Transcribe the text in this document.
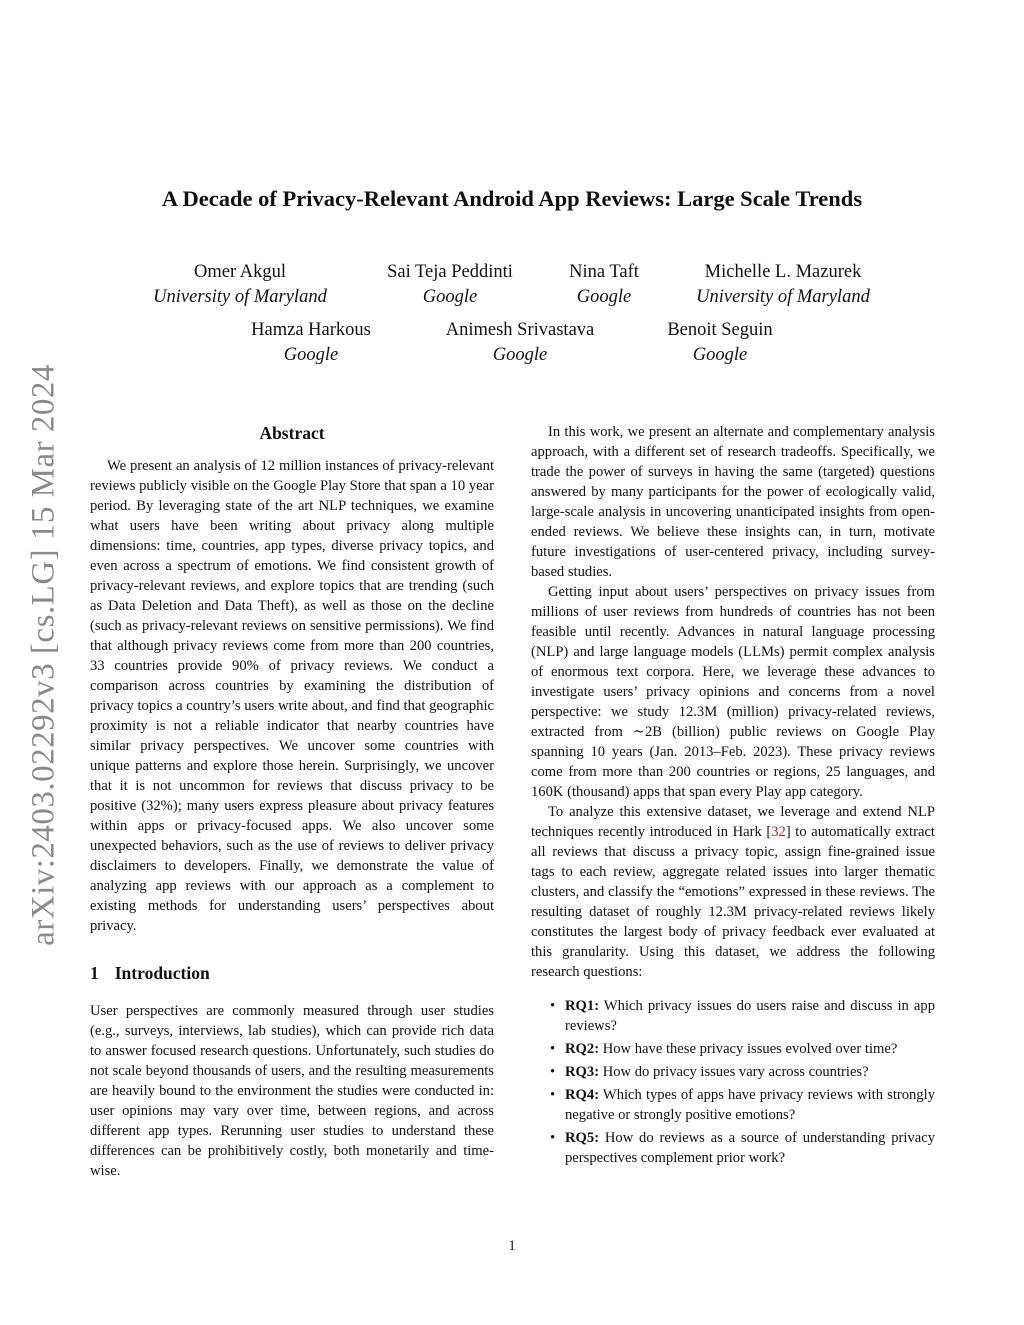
arXiv:2403.02292v3 [cs.LG] 15 Mar 2024
A Decade of Privacy-Relevant Android App Reviews: Large Scale Trends
Omer Akgul
University of Maryland
Sai Teja Peddinti
Google
Nina Taft
Google
Michelle L. Mazurek
University of Maryland
Hamza Harkous
Google
Animesh Srivastava
Google
Benoit Seguin
Google
Abstract

We present an analysis of 12 million instances of privacy-relevant reviews publicly visible on the Google Play Store that span a 10 year period. By leveraging state of the art NLP techniques, we examine what users have been writing about privacy along multiple dimensions: time, countries, app types, diverse privacy topics, and even across a spectrum of emotions. We find consistent growth of privacy-relevant reviews, and explore topics that are trending (such as Data Deletion and Data Theft), as well as those on the decline (such as privacy-relevant reviews on sensitive permissions). We find that although privacy reviews come from more than 200 countries, 33 countries provide 90% of privacy reviews. We conduct a comparison across countries by examining the distribution of privacy topics a country’s users write about, and find that geographic proximity is not a reliable indicator that nearby countries have similar privacy perspectives. We uncover some countries with unique patterns and explore those herein. Surprisingly, we uncover that it is not uncommon for reviews that discuss privacy to be positive (32%); many users express pleasure about privacy features within apps or privacy-focused apps. We also uncover some unexpected behaviors, such as the use of reviews to deliver privacy disclaimers to developers. Finally, we demonstrate the value of analyzing app reviews with our approach as a complement to existing methods for understanding users’ perspectives about privacy.

1 Introduction

User perspectives are commonly measured through user studies (e.g., surveys, interviews, lab studies), which can provide rich data to answer focused research questions. Unfortunately, such studies do not scale beyond thousands of users, and the resulting measurements are heavily bound to the environment the studies were conducted in: user opinions may vary over time, between regions, and across different app types. Rerunning user studies to understand these differences can be prohibitively costly, both monetarily and time-wise.

In this work, we present an alternate and complementary analysis approach, with a different set of research tradeoffs. Specifically, we trade the power of surveys in having the same (targeted) questions answered by many participants for the power of ecologically valid, large-scale analysis in uncovering unanticipated insights from open-ended reviews. We believe these insights can, in turn, motivate future investigations of user-centered privacy, including survey-based studies.

Getting input about users’ perspectives on privacy issues from millions of user reviews from hundreds of countries has not been feasible until recently. Advances in natural language processing (NLP) and large language models (LLMs) permit complex analysis of enormous text corpora. Here, we leverage these advances to investigate users’ privacy opinions and concerns from a novel perspective: we study 12.3M (million) privacy-related reviews, extracted from ∼2B (billion) public reviews on Google Play spanning 10 years (Jan. 2013–Feb. 2023). These privacy reviews come from more than 200 countries or regions, 25 languages, and 160K (thousand) apps that span every Play app category.

To analyze this extensive dataset, we leverage and extend NLP techniques recently introduced in Hark [32] to automatically extract all reviews that discuss a privacy topic, assign fine-grained issue tags to each review, aggregate related issues into larger thematic clusters, and classify the “emotions” expressed in these reviews. The resulting dataset of roughly 12.3M privacy-related reviews likely constitutes the largest body of privacy feedback ever evaluated at this granularity. Using this dataset, we address the following research questions:

• RQ1: Which privacy issues do users raise and discuss in app reviews?
• RQ2: How have these privacy issues evolved over time?
• RQ3: How do privacy issues vary across countries?
• RQ4: Which types of apps have privacy reviews with strongly negative or strongly positive emotions?
• RQ5: How do reviews as a source of understanding privacy perspectives complement prior work?
1
